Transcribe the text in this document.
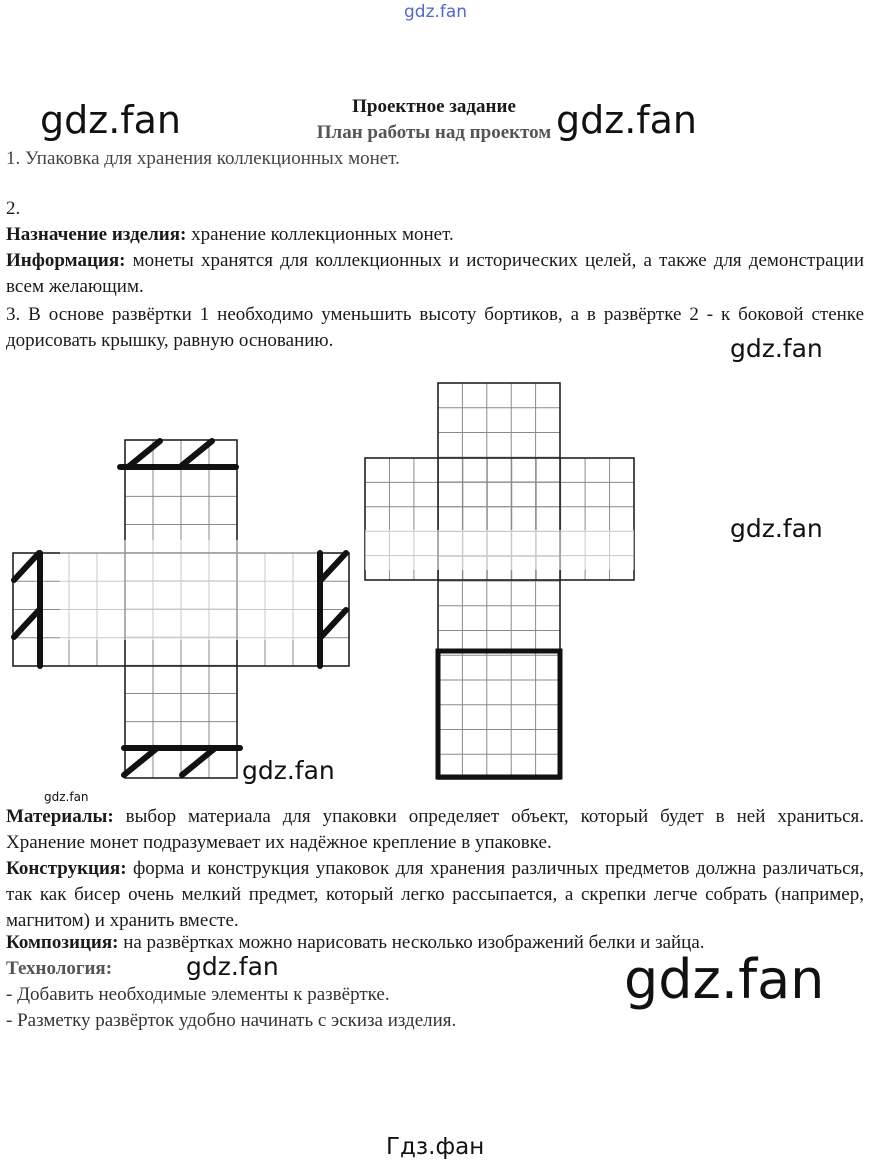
gdz.fan
gdz.fan	gdz.fan
gdz.fan
gdz.fan
gdz.fan
gdz.fan
gdz.fan	gdz.fan
Гдз.фан
Проектное задание
План работы над проектом
1. Упаковка для хранения коллекционных монет.
2.
Назначение изделия: хранение коллекционных монет.
Информация: монеты хранятся для коллекционных и исторических целей, а также для демонстрации всем желающим.
3. В основе развёртки 1 необходимо уменьшить высоту бортиков, а в развёртке 2 - к боковой стенке дорисовать крышку, равную основанию.
Материалы: выбор материала для упаковки определяет объект, который будет в ней храниться. Хранение монет подразумевает их надёжное крепление в упаковке.
Конструкция: форма и конструкция упаковок для хранения различных предметов должна различаться, так как бисер очень мелкий предмет, который легко рассыпается, а скрепки легче собрать (например, магнитом) и хранить вместе.
Композиция: на развёртках можно нарисовать несколько изображений белки и зайца.
Технология:
- Добавить необходимые элементы к развёртке.
- Разметку развёрток удобно начинать с эскиза изделия.
